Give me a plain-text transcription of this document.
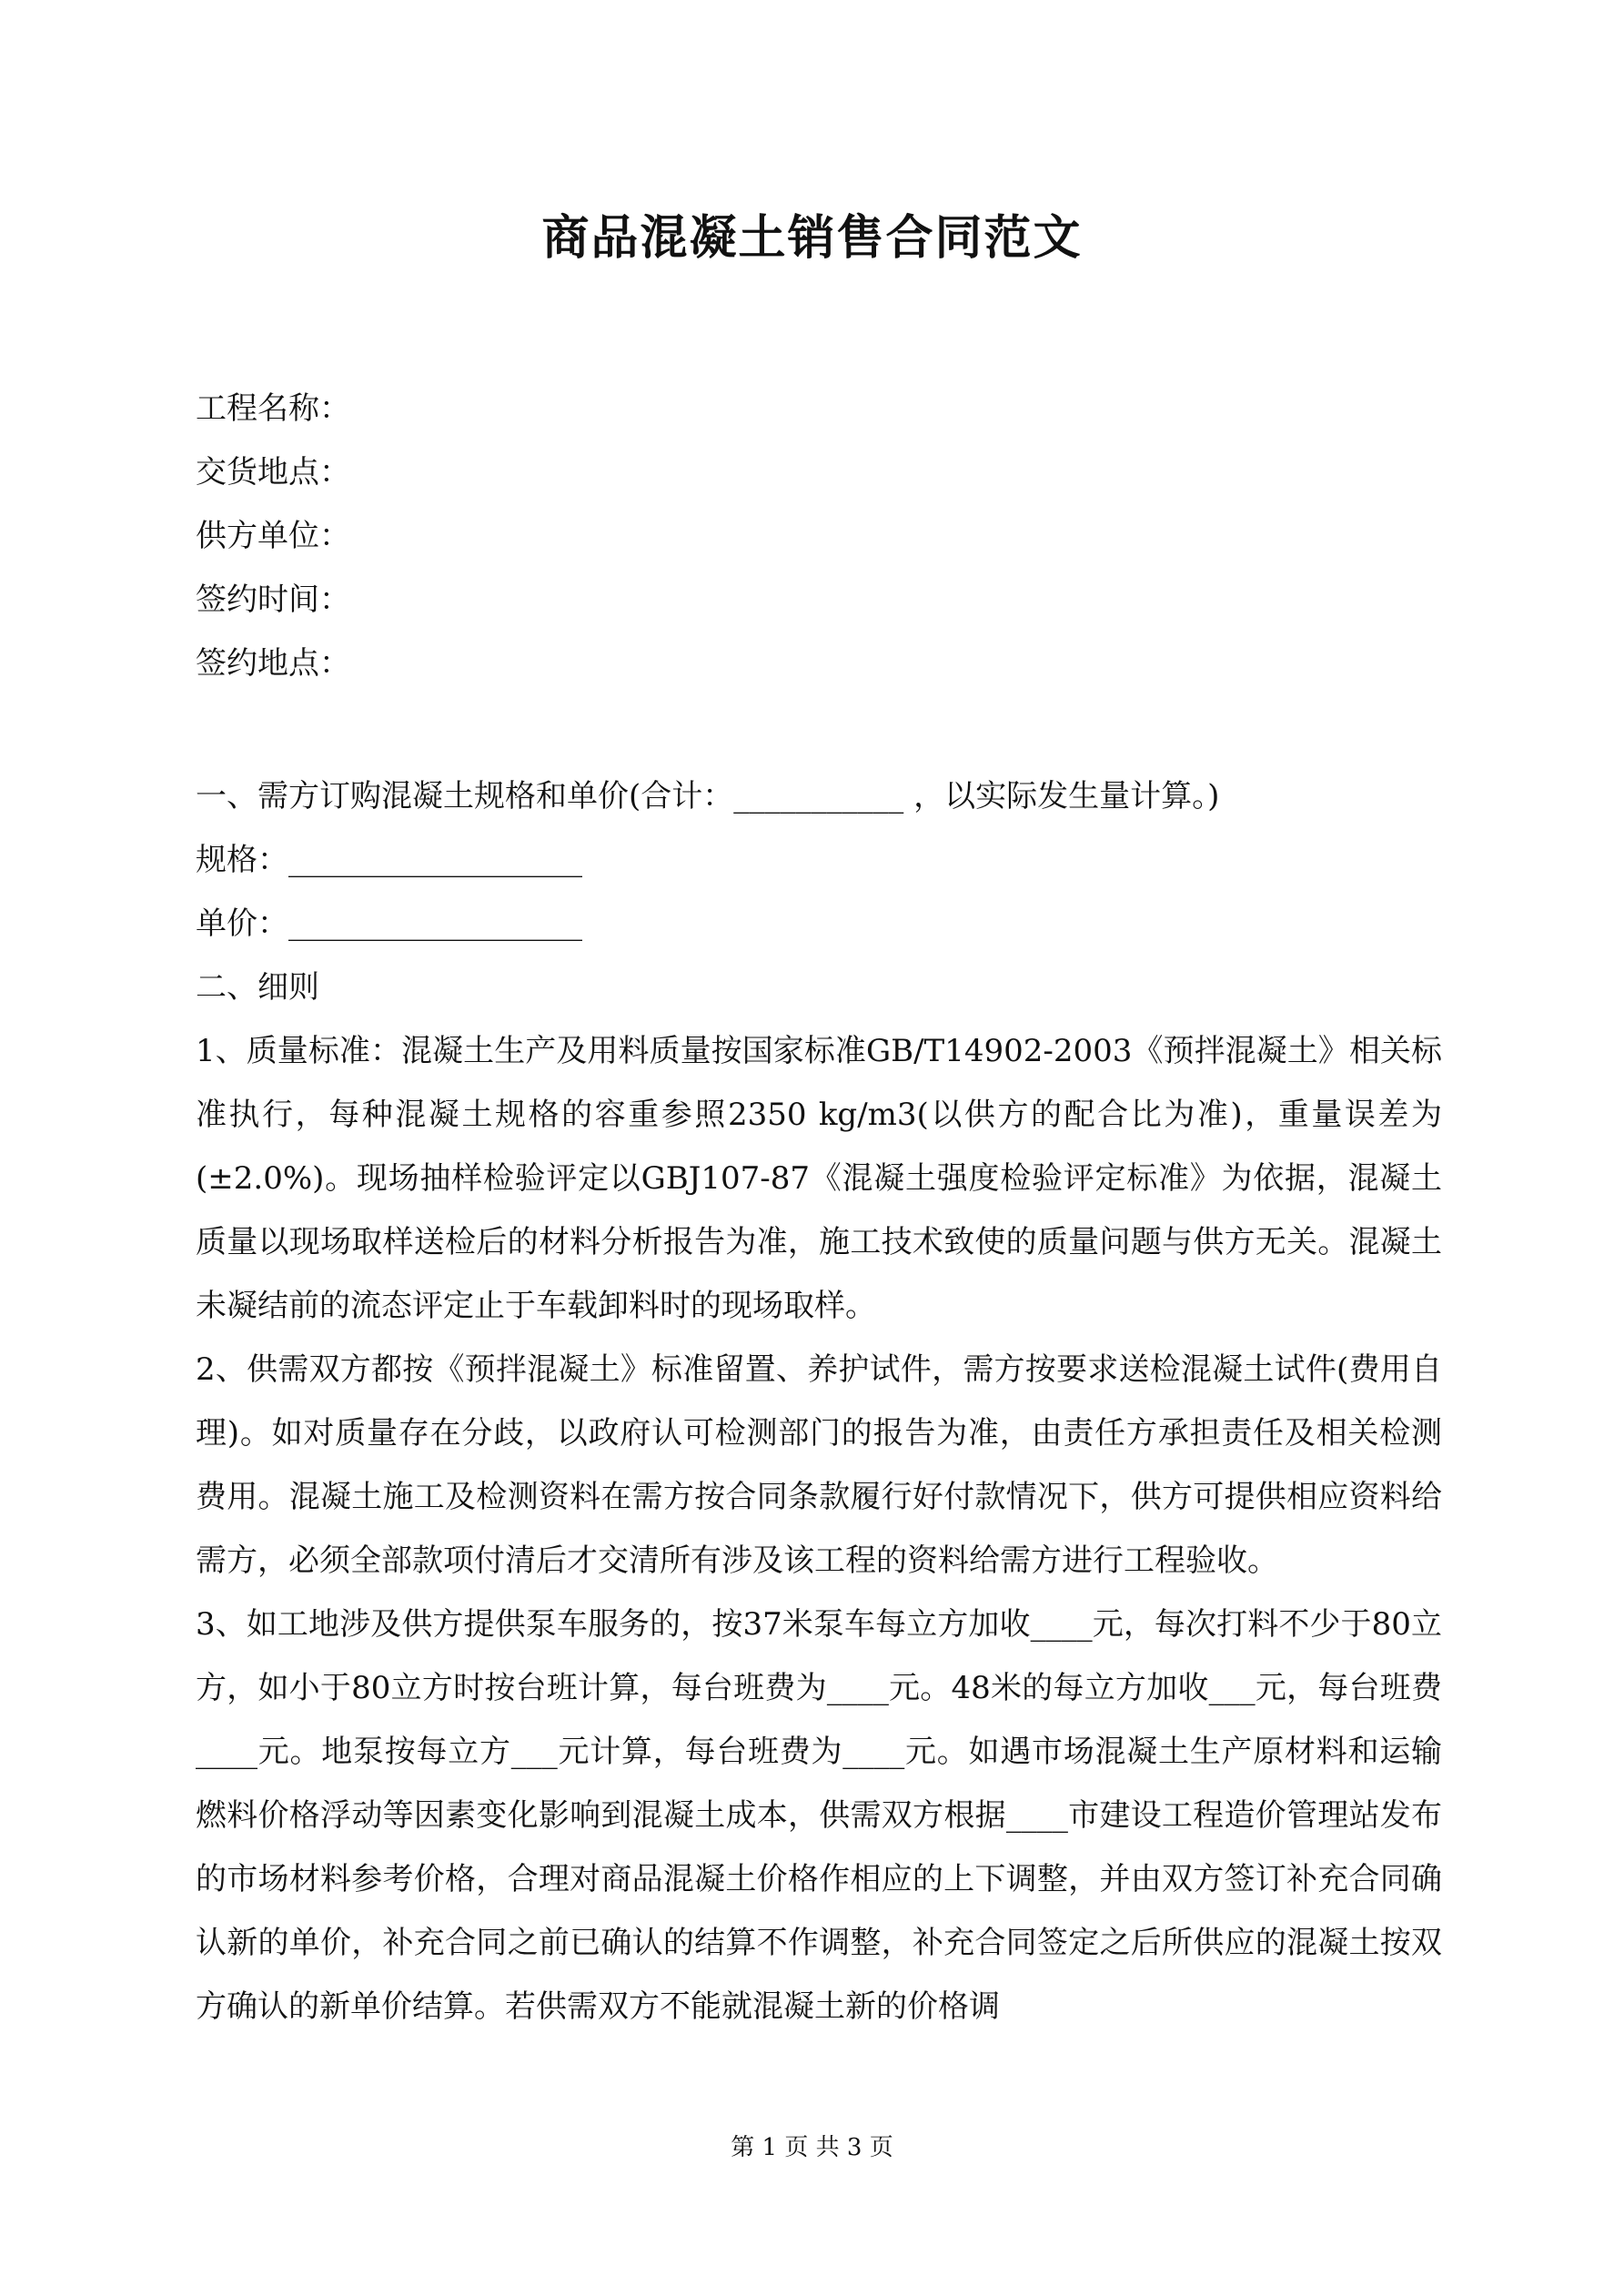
商品混凝土销售合同范文
工程名称：
交货地点：
供方单位：
签约时间：
签约地点：
一、需方订购混凝土规格和单价(合计：___________ ，以实际发生量计算。)
规格：___________________
单价：___________________
二、细则
1、质量标准：混凝土生产及用料质量按国家标准GB/T14902-2003《预拌混凝土》相关标准执行，每种混凝土规格的容重参照2350 kg/m3(以供方的配合比为准)，重量误差为(±2.0%)。现场抽样检验评定以GBJ107-87《混凝土强度检验评定标准》为依据，混凝土质量以现场取样送检后的材料分析报告为准，施工技术致使的质量问题与供方无关。混凝土未凝结前的流态评定止于车载卸料时的现场取样。
2、供需双方都按《预拌混凝土》标准留置、养护试件，需方按要求送检混凝土试件(费用自理)。如对质量存在分歧，以政府认可检测部门的报告为准，由责任方承担责任及相关检测费用。混凝土施工及检测资料在需方按合同条款履行好付款情况下，供方可提供相应资料给需方，必须全部款项付清后才交清所有涉及该工程的资料给需方进行工程验收。
3、如工地涉及供方提供泵车服务的，按37米泵车每立方加收____元，每次打料不少于80立方，如小于80立方时按台班计算，每台班费为____元。48米的每立方加收___元，每台班费____元。地泵按每立方___元计算，每台班费为____元。如遇市场混凝土生产原材料和运输燃料价格浮动等因素变化影响到混凝土成本，供需双方根据____市建设工程造价管理站发布的市场材料参考价格，合理对商品混凝土价格作相应的上下调整，并由双方签订补充合同确认新的单价，补充合同之前已确认的结算不作调整，补充合同签定之后所供应的混凝土按双方确认的新单价结算。若供需双方不能就混凝土新的价格调
第 1 页 共 3 页
